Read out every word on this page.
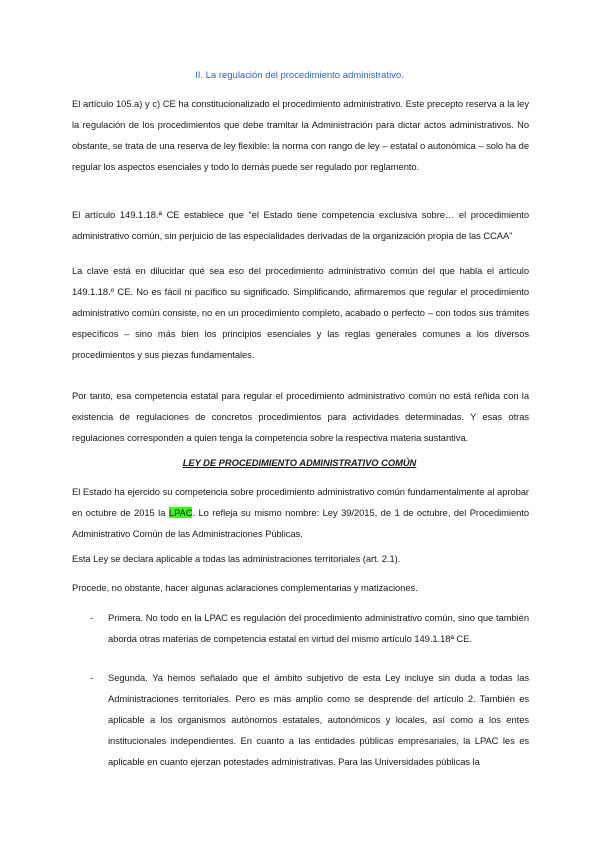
II. La regulación del procedimiento administrativo.

El artículo 105.a) y c) CE ha constitucionalizado el procedimiento administrativo. Este precepto reserva a la ley la regulación de los procedimientos que debe tramitar la Administración para dictar actos administrativos. No obstante, se trata de una reserva de ley flexible: la norma con rango de ley – estatal o autonómica – solo ha de regular los aspectos esenciales y todo lo demás puede ser regulado por reglamento.

El artículo 149.1.18.ª CE establece que “el Estado tiene competencia exclusiva sobre… el procedimiento administrativo común, sin perjuicio de las especialidades derivadas de la organización propia de las CCAA”

La clave está en dilucidar qué sea eso del procedimiento administrativo común del que habla el artículo 149.1.18.º CE. No es fácil ni pacífico su significado. Simplificando, afirmaremos que regular el procedimiento administrativo común consiste, no en un procedimiento completo, acabado o perfecto – con todos sus trámites específicos – sino más bien los principios esenciales y las reglas generales comunes a los diversos procedimientos y sus piezas fundamentales.

Por tanto, esa competencia estatal para regular el procedimiento administrativo común no está reñida con la existencia de regulaciones de concretos procedimientos para actividades determinadas. Y esas otras regulaciones corresponden a quien tenga la competencia sobre la respectiva materia sustantiva.

LEY DE PROCEDIMIENTO ADMINISTRATIVO COMÚN

El Estado ha ejercido su competencia sobre procedimiento administrativo común fundamentalmente al aprobar en octubre de 2015 la LPAC. Lo refleja su mismo nombre: Ley 39/2015, de 1 de octubre, del Procedimiento Administrativo Común de las Administraciones Públicas.

Esta Ley se declara aplicable a todas las administraciones territoriales (art. 2.1).

Procede, no obstante, hacer algunas aclaraciones complementarias y matizaciones.

- Primera. No todo en la LPAC es regulación del procedimiento administrativo común, sino que también aborda otras materias de competencia estatal en virtud del mismo artículo 149.1.18ª CE.

- Segunda. Ya hemos señalado que el ámbito subjetivo de esta Ley incluye sin duda a todas las Administraciones territoriales. Pero es más amplio como se desprende del artículo 2. También es aplicable a los organismos autónomos estatales, autonómicos y locales, así como a los entes institucionales independientes. En cuanto a las entidades públicas empresariales, la LPAC les es aplicable en cuanto ejerzan potestades administrativas. Para las Universidades públicas la
